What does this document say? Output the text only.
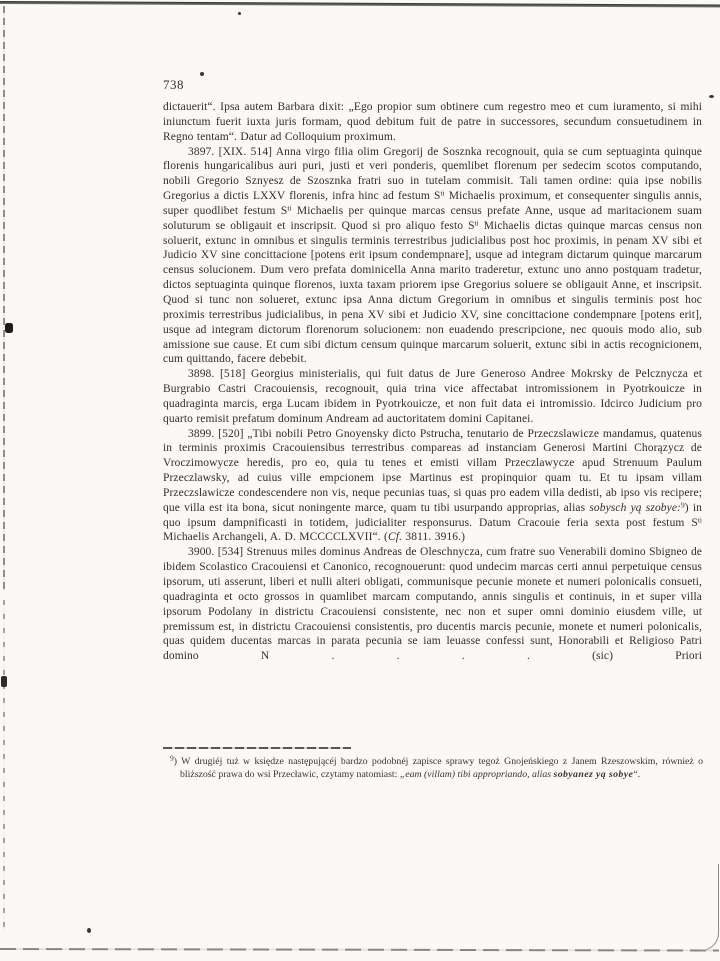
738

dictauerit“. Ipsa autem Barbara dixit: „Ego propior sum obtinere cum regestro meo et cum iuramento, si mihi iniunctum fuerit iuxta juris formam, quod debitum fuit de patre in successores, secundum consuetudinem in Regno tentam“. Datur ad Colloquium proximum.

3897. [XIX. 514] Anna virgo filia olim Gregorij de Sosznka recognouit, quia se cum septuaginta quinque florenis hungaricalibus auri puri, justi et veri ponderis, quemlibet florenum per sedecim scotos computando, nobili Gregorio Sznyesz de Szosznka fratri suo in tutelam commisit. Tali tamen ordine: quia ipse nobilis Gregorius a dictis LXXV florenis, infra hinc ad festum $S^{ti}$ Michaelis proximum, et consequenter singulis annis, super quodlibet festum $S^{ti}$ Michaelis per quinque marcas census prefate Anne, usque ad maritacionem suam soluturum se obligauit et inscripsit. Quod si pro aliquo festo $S^{ti}$ Michaelis dictas quinque marcas census non soluerit, extunc in omnibus et singulis terminis terrestribus judicialibus post hoc proximis, in penam XV sibi et Judicio XV sine concittacione [potens erit ipsum condempnare], usque ad integram dictarum quinque marcarum census solucionem. Dum vero prefata dominicella Anna marito traderetur, extunc uno anno postquam tradetur, dictos septuaginta quinque florenos, iuxta taxam priorem ipse Gregorius soluere se obligauit Anne, et inscripsit. Quod si tunc non solueret, extunc ipsa Anna dictum Gregorium in omnibus et singulis terminis post hoc proximis terrestribus judicialibus, in pena XV sibi et Judicio XV, sine concittacione condempnare [potens erit], usque ad integram dictorum florenorum solucionem: non euadendo prescripcione, nec quouis modo alio, sub amissione sue cause. Et cum sibi dictum censum quinque marcarum soluerit, extunc sibi in actis recognicionem, cum quittando, facere debebit.

3898. [518] Georgius ministerialis, qui fuit datus de Jure Generoso Andree Mokrsky de Pelcznycza et Burgrabio Castri Cracouiensis, recognouit, quia trina vice affectabat intromissionem in Pyotrkouicze in quadraginta marcis, erga Lucam ibidem in Pyotrkouicze, et non fuit data ei intromissio. Idcirco Judicium pro quarto remisit prefatum dominum Andream ad auctoritatem domini Capitanei.

3899. [520] „Tibi nobili Petro Gnoyensky dicto Pstrucha, tenutario de Przeczslawicze mandamus, quatenus in terminis proximis Cracouiensibus terrestribus compareas ad instanciam Generosi Martini Chorązycz de Vroczimowycze heredis, pro eo, quia tu tenes et emisti villam Przeczlawycze apud Strenuum Paulum Przeczlawsky, ad cuius ville empcionem ipse Martinus est propinquior quam tu. Et tu ipsam villam Przeczslawicze condescendere non vis, neque pecunias tuas, si quas pro eadem villa dedisti, ab ipso vis recipere; que villa est ita bona, sicut noningente marce, quam tu tibi usurpando approprias, alias sobysch yą szobye:$^9$) in quo ipsum dampnificasti in totidem, judicialiter responsurus. Datum Cracouie feria sexta post festum $S^{ti}$ Michaelis Archangeli, A. D. MCCCCLXVII“. (Cf. 3811. 3916.)

3900. [534] Strenuus miles dominus Andreas de Oleschnycza, cum fratre suo Venerabili domino Sbigneo de ibidem Scolastico Cracouiensi et Canonico, recognouerunt: quod undecim marcas certi annui perpetuique census ipsorum, uti asserunt, liberi et nulli alteri obligati, communisque pecunie monete et numeri polonicalis consueti, quadraginta et octo grossos in quamlibet marcam computando, annis singulis et continuis, in et super villa ipsorum Podolany in districtu Cracouiensi consistente, nec non et super omni dominio eiusdem ville, ut premissum est, in districtu Cracouiensi consistentis, pro ducentis marcis pecunie, monete et numeri polonicalis, quas quidem ducentas marcas in parata pecunia se iam leuasse confessi sunt, Honorabili et Religioso Patri domino N . . . . (sic) Priori

$^9$) W drugiéj tuż w księdze następującéj bardzo podobnéj zapisce sprawy tegoż Gnojeńskiego z Janem Rzeszowskim, również o bliższość prawa do wsi Przecławic, czytamy natomiast: „eam (villam) tibi appropriando, alias sobyanez yą sobye“.
